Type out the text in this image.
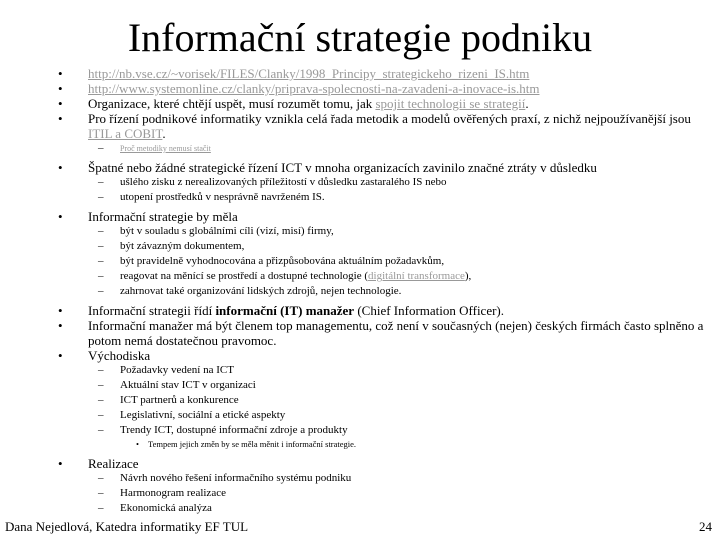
Informační strategie podniku
• http://nb.vse.cz/~vorisek/FILES/Clanky/1998_Principy_strategickeho_rizeni_IS.htm
• http://www.systemonline.cz/clanky/priprava-spolecnosti-na-zavadeni-a-inovace-is.htm
• Organizace, které chtějí uspět, musí rozumět tomu, jak spojit technologii se strategií.
• Pro řízení podnikové informatiky vznikla celá řada metodik a modelů ověřených praxí, z nichž nejpoužívanější jsou ITIL a COBIT.
– Proč metodiky nemusí stačit
• Špatné nebo žádné strategické řízení ICT v mnoha organizacích zavinilo značné ztráty v důsledku
– ušlého zisku z nerealizovaných příležitostí v důsledku zastaralého IS nebo
– utopení prostředků v nesprávně navrženém IS.
• Informační strategie by měla
– být v souladu s globálními cíli (vizí, misí) firmy,
– být závazným dokumentem,
– být pravidelně vyhodnocována a přizpůsobována aktuálním požadavkům,
– reagovat na měnící se prostředí a dostupné technologie (digitální transformace),
– zahrnovat také organizování lidských zdrojů, nejen technologie.
• Informační strategii řídí informační (IT) manažer (Chief Information Officer).
• Informační manažer má být členem top managementu, což není v současných (nejen) českých firmách často splněno a potom nemá dostatečnou pravomoc.
• Východiska
– Požadavky vedení na ICT
– Aktuální stav ICT v organizaci
– ICT partnerů a konkurence
– Legislativní, sociální a etické aspekty
– Trendy ICT, dostupné informační zdroje a produkty
• Tempem jejich změn by se měla měnit i informační strategie.
• Realizace
– Návrh nového řešení informačního systému podniku
– Harmonogram realizace
– Ekonomická analýza
Dana Nejedlová, Katedra informatiky EF TUL	24
